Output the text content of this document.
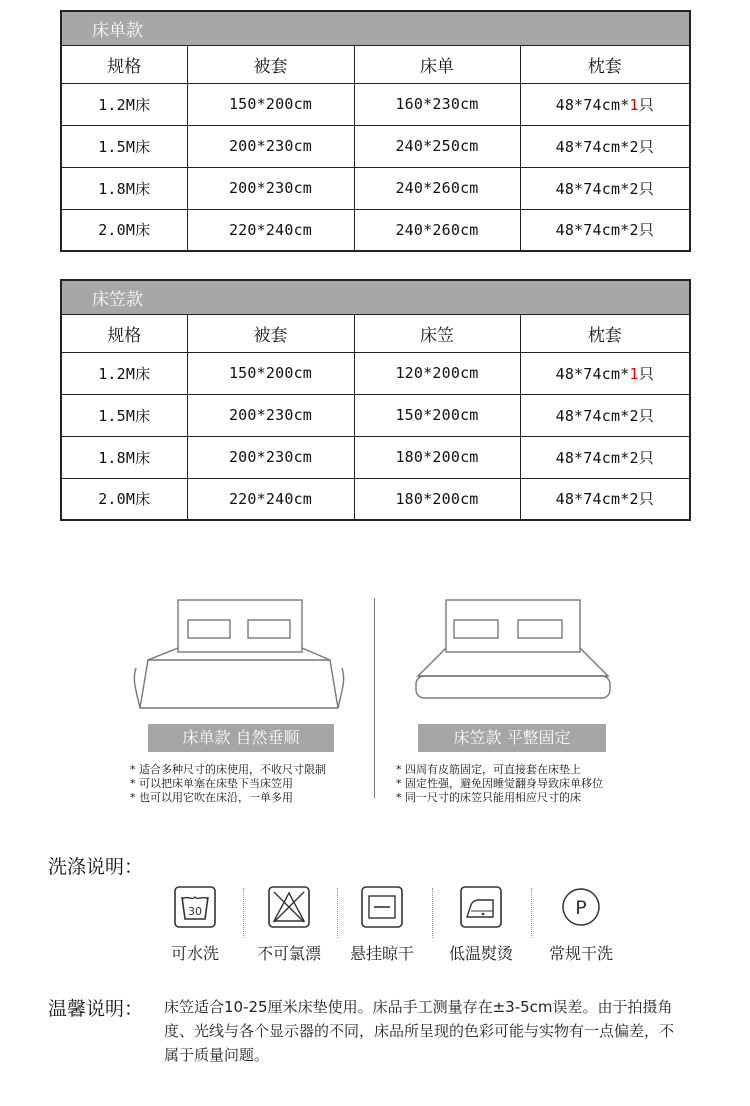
床单款			
规格	被套	床单	枕套
1.2M床	150*200cm	160*230cm	48*74cm*1只
1.5M床	200*230cm	240*250cm	48*74cm*2只
1.8M床	200*230cm	240*260cm	48*74cm*2只
2.0M床	220*240cm	240*260cm	48*74cm*2只
床笠款			
规格	被套	床笠	枕套
1.2M床	150*200cm	120*200cm	48*74cm*1只
1.5M床	200*230cm	150*200cm	48*74cm*2只
1.8M床	200*230cm	180*200cm	48*74cm*2只
2.0M床	220*240cm	180*200cm	48*74cm*2只
床单款 自然垂顺
* 适合多种尺寸的床使用，不收尺寸限制
* 可以把床单塞在床垫下当床笠用
* 也可以用它吹在床沿，一单多用
床笠款 平整固定
* 四周有皮筋固定，可直接套在床垫上
* 固定性强，避免因睡觉翻身导致床单移位
* 同一尺寸的床笠只能用相应尺寸的床
洗涤说明：
30
可水洗	不可氯漂	悬挂晾干	低温熨烫
P
常规干洗
温馨说明： 床笠适合10-25厘米床垫使用。床品手工测量存在±3-5cm误差。由于拍摄角度、光线与各个显示器的不同，床品所呈现的色彩可能与实物有一点偏差，不属于质量问题。
